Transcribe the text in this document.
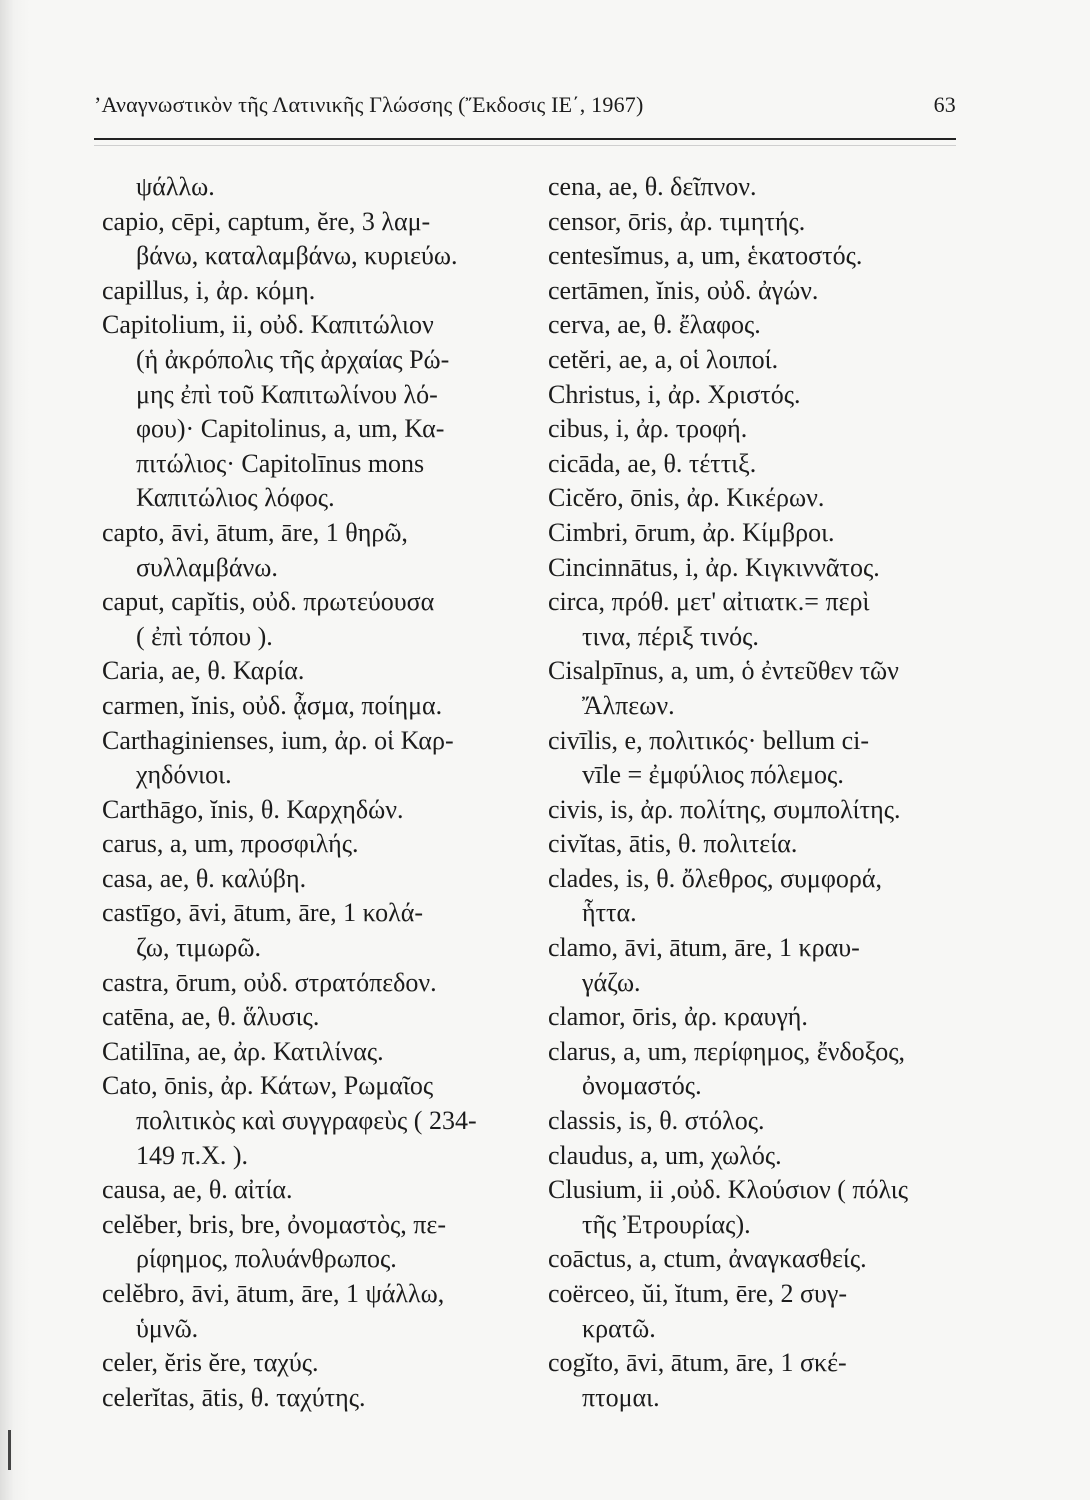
’Αναγνωστικὸν τῆς Λατινικῆς Γλώσσης (Ἔκδοσις ΙΕ΄, 1967)	63
ψάλλω.
capio, cēpi, captum, ĕre, 3 λαμ-
βάνω, καταλαμβάνω, κυριεύω.
capillus, i, ἀρ. κόμη.
Capitolium, ii, οὐδ. Καπιτώλιον
(ἡ ἀκρόπολις τῆς ἀρχαίας Ρώ-
μης ἐπὶ τοῦ Καπιτωλίνου λό-
φου)· Capitolinus, a, um, Κα-
πιτώλιος· Capitolīnus mons
Καπιτώλιος λόφος.
capto, āvi, ātum, āre, 1 θηρῶ,
συλλαμβάνω.
caput, capĭtis, οὐδ. πρωτεύουσα
( ἐπὶ τόπου ).
Caria, ae, θ. Καρία.
carmen, ĭnis, οὐδ. ᾆσμα, ποίημα.
Carthaginienses, ium, ἀρ. οἱ Καρ-
χηδόνιοι.
Carthāgo, ĭnis, θ. Καρχηδών.
carus, a, um, προσφιλής.
casa, ae, θ. καλύβη.
castīgo, āvi, ātum, āre, 1 κολά-
ζω, τιμωρῶ.
castra, ōrum, οὐδ. στρατόπεδον.
catēna, ae, θ. ἅλυσις.
Catilīna, ae, ἀρ. Κατιλίνας.
Cato, ōnis, ἀρ. Κάτων, Ρωμαῖος
πολιτικὸς καὶ συγγραφεὺς ( 234-
149 π.Χ. ).
causa, ae, θ. αἰτία.
celĕber, bris, bre, ὀνομαστὸς, πε-
ρίφημος, πολυάνθρωπος.
celĕbro, āvi, ātum, āre, 1 ψάλλω,
ὑμνῶ.
celer, ĕris ĕre, ταχύς.
celerĭtas, ātis, θ. ταχύτης.
cena, ae, θ. δεῖπνον.
censor, ōris, ἀρ. τιμητής.
centesĭmus, a, um, ἑκατοστός.
certāmen, ĭnis, οὐδ. ἀγών.
cerva, ae, θ. ἔλαφος.
cetĕri, ae, a, οἱ λοιποί.
Christus, i, ἀρ. Χριστός.
cibus, i, ἀρ. τροφή.
cicāda, ae, θ. τέττιξ.
Cicĕro, ōnis, ἀρ. Κικέρων.
Cimbri, ōrum, ἀρ. Κίμβροι.
Cincinnātus, i, ἀρ. Κιγκιννᾶτος.
circa, πρόθ. μετ' αἰτιατκ.= περὶ
τινα, πέριξ τινός.
Cisalpīnus, a, um, ὁ ἐντεῦθεν τῶν
Ἄλπεων.
civīlis, e, πολιτικός· bellum ci-
vīle = ἐμφύλιος πόλεμος.
civis, is, ἀρ. πολίτης, συμπολίτης.
civĭtas, ātis, θ. πολιτεία.
clades, is, θ. ὄλεθρος, συμφορά,
ἧττα.
clamo, āvi, ātum, āre, 1 κραυ-
γάζω.
clamor, ōris, ἀρ. κραυγή.
clarus, a, um, περίφημος, ἔνδοξος,
ὀνομαστός.
classis, is, θ. στόλος.
claudus, a, um, χωλός.
Clusium, ii ,οὐδ. Κλούσιον ( πόλις
τῆς Ἐτρουρίας).
coāctus, a, ctum, ἀναγκασθείς.
coërceo, ŭi, ĭtum, ēre, 2 συγ-
κρατῶ.
cogĭto, āvi, ātum, āre, 1 σκέ-
πτομαι.
